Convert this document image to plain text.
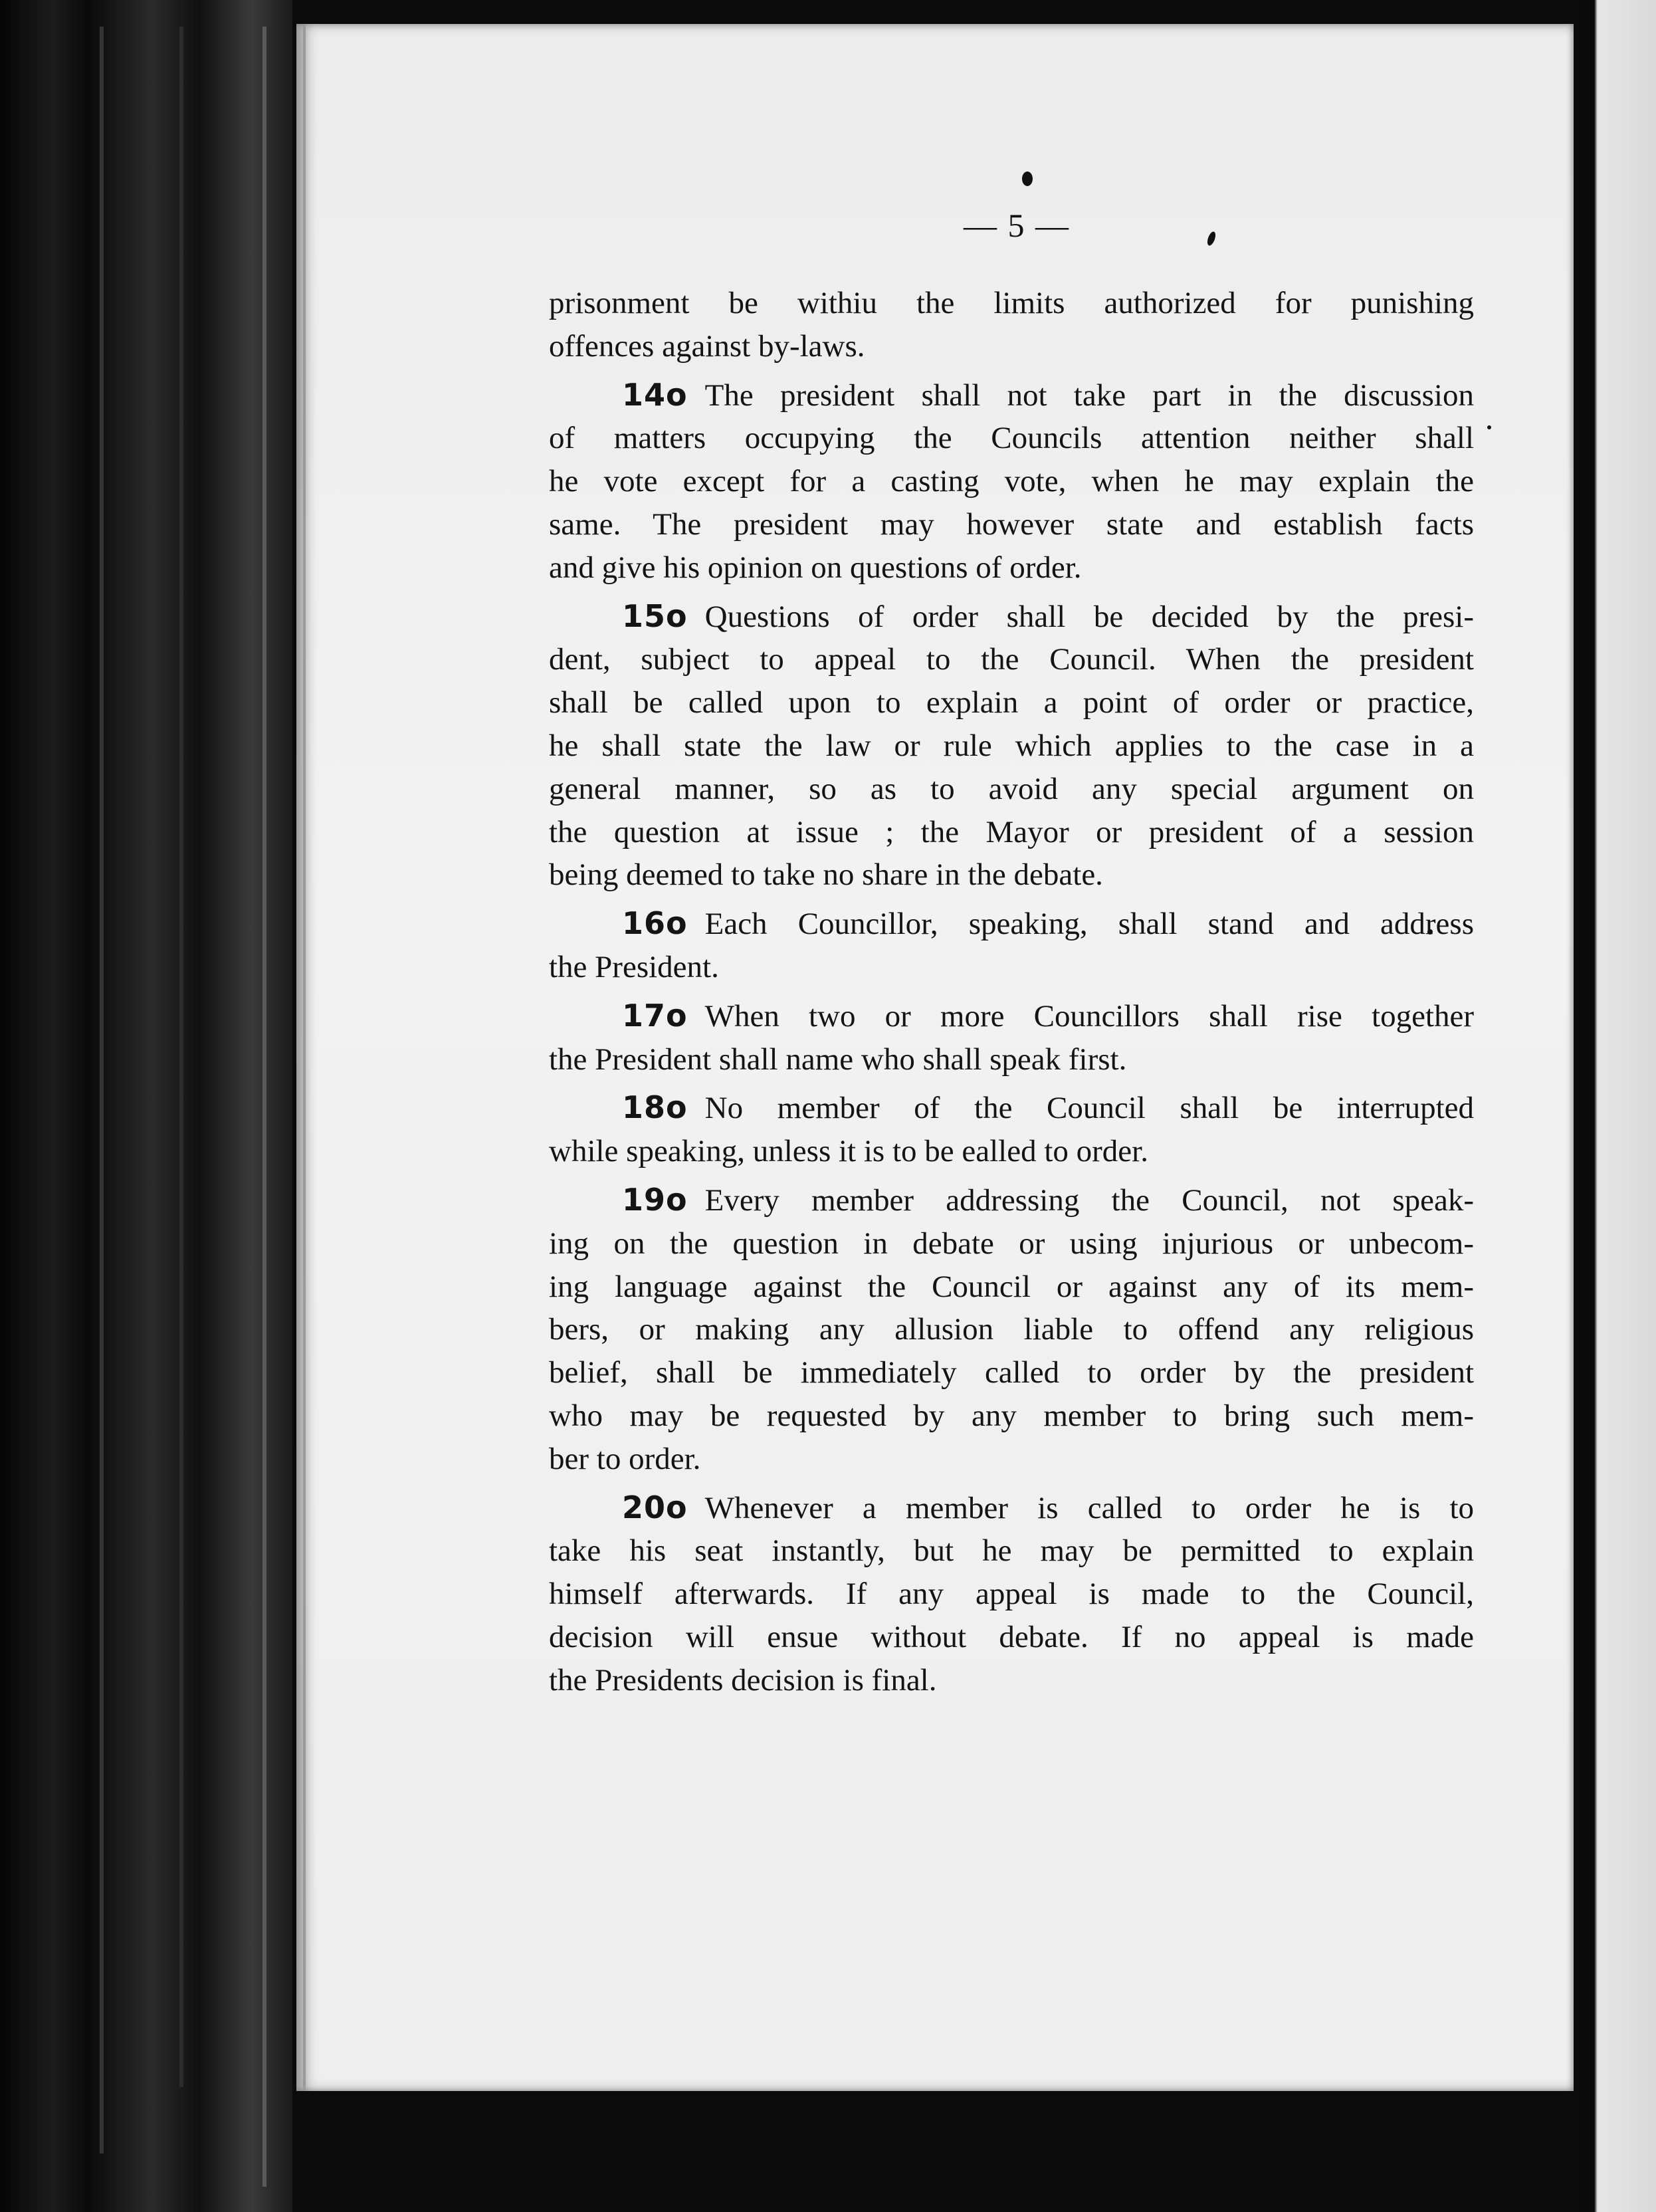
— 5 —
prisonment be withiu the limits authorized for punishing
offences against by-laws.
14o The president shall not take part in the discussion
of matters occupying the Councils attention neither shall
he vote except for a casting vote, when he may explain the
same. The president may however state and establish facts
and give his opinion on questions of order.
15o Questions of order shall be decided by the presi-
dent, subject to appeal to the Council. When the president
shall be called upon to explain a point of order or practice,
he shall state the law or rule which applies to the case in a
general manner, so as to avoid any special argument on
the question at issue ; the Mayor or president of a session
being deemed to take no share in the debate.
16o Each Councillor, speaking, shall stand and address
the President.
17o When two or more Councillors shall rise together
the President shall name who shall speak first.
18o No member of the Council shall be interrupted
while speaking, unless it is to be ealled to order.
19o Every member addressing the Council, not speak-
ing on the question in debate or using injurious or unbecom-
ing language against the Council or against any of its mem-
bers, or making any allusion liable to offend any religious
belief, shall be immediately called to order by the president
who may be requested by any member to bring such mem-
ber to order.
20o Whenever a member is called to order he is to
take his seat instantly, but he may be permitted to explain
himself afterwards. If any appeal is made to the Council,
decision will ensue without debate. If no appeal is made
the Presidents decision is final.
